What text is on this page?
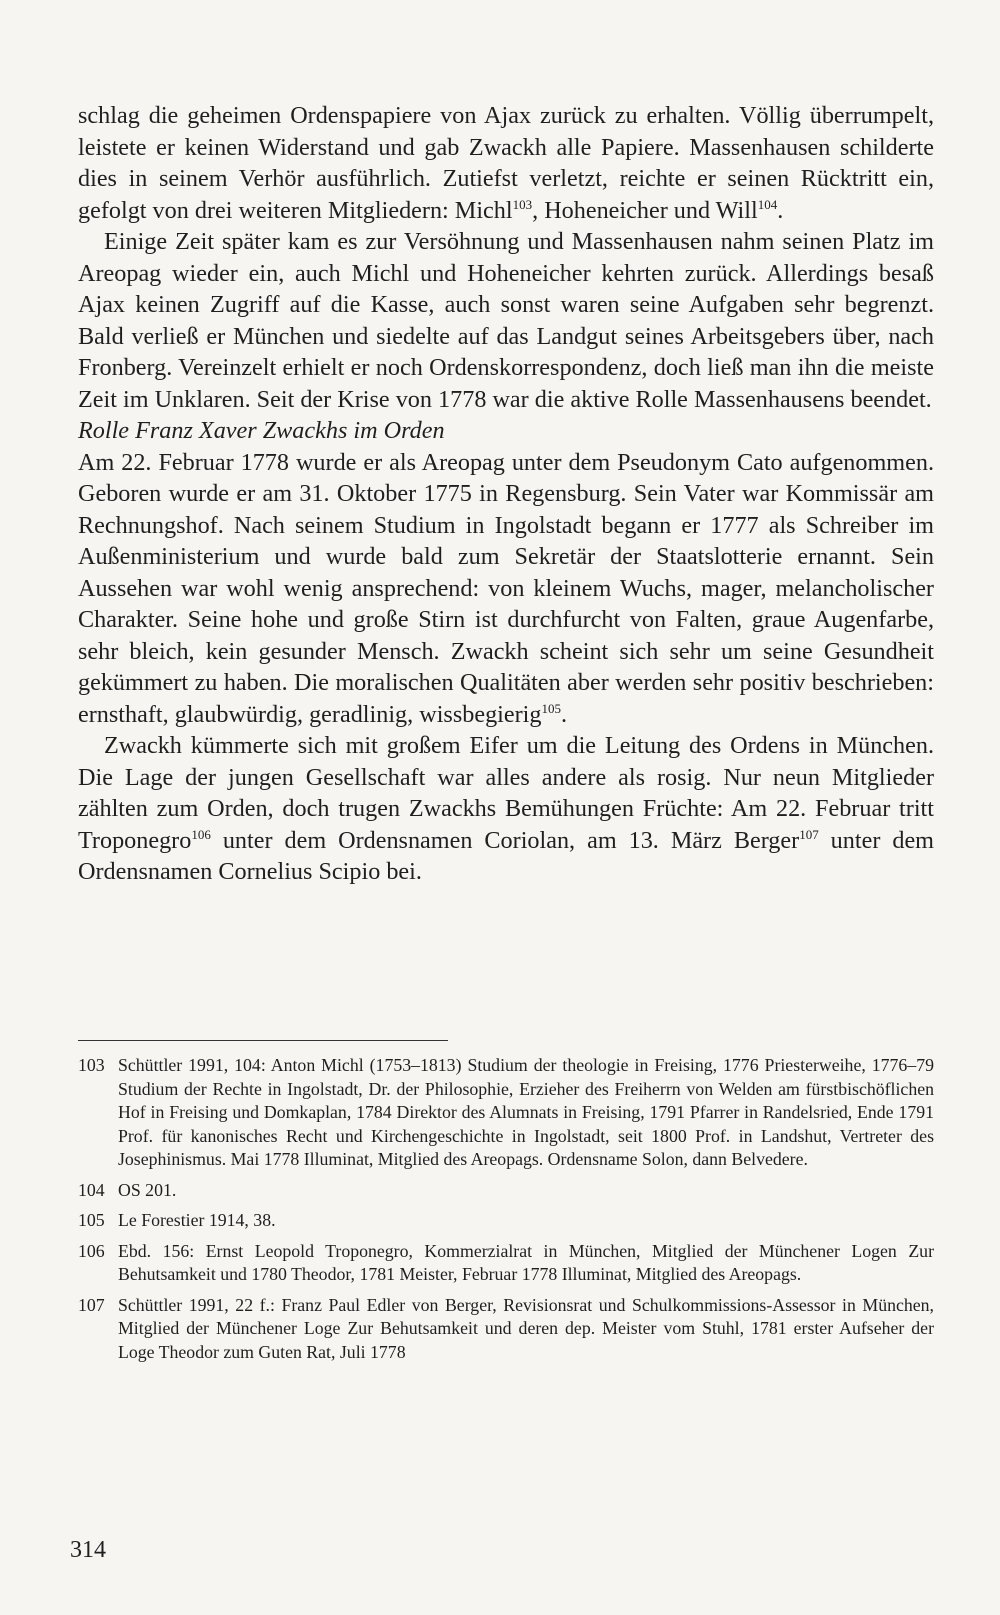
schlag die geheimen Ordenspapiere von Ajax zurück zu erhalten. Völlig überrumpelt, leistete er keinen Widerstand und gab Zwackh alle Papiere. Massenhausen schilderte dies in seinem Verhör ausführlich. Zutiefst verletzt, reichte er seinen Rücktritt ein, gefolgt von drei weiteren Mitgliedern: Michl$^{103}$, Hoheneicher und Will$^{104}$.

Einige Zeit später kam es zur Versöhnung und Massenhausen nahm seinen Platz im Areopag wieder ein, auch Michl und Hoheneicher kehrten zurück. Allerdings besaß Ajax keinen Zugriff auf die Kasse, auch sonst waren seine Aufgaben sehr begrenzt. Bald verließ er München und siedelte auf das Landgut seines Arbeitsgebers über, nach Fronberg. Vereinzelt erhielt er noch Ordenskorrespondenz, doch ließ man ihn die meiste Zeit im Unklaren. Seit der Krise von 1778 war die aktive Rolle Massenhausens beendet.

Rolle Franz Xaver Zwackhs im Orden

Am 22. Februar 1778 wurde er als Areopag unter dem Pseudonym Cato aufgenommen. Geboren wurde er am 31. Oktober 1775 in Regensburg. Sein Vater war Kommissär am Rechnungshof. Nach seinem Studium in Ingolstadt begann er 1777 als Schreiber im Außenministerium und wurde bald zum Sekretär der Staatslotterie ernannt. Sein Aussehen war wohl wenig ansprechend: von kleinem Wuchs, mager, melancholischer Charakter. Seine hohe und große Stirn ist durchfurcht von Falten, graue Augenfarbe, sehr bleich, kein gesunder Mensch. Zwackh scheint sich sehr um seine Gesundheit gekümmert zu haben. Die moralischen Qualitäten aber werden sehr positiv beschrieben: ernsthaft, glaubwürdig, geradlinig, wissbegierig$^{105}$.

Zwackh kümmerte sich mit großem Eifer um die Leitung des Ordens in München. Die Lage der jungen Gesellschaft war alles andere als rosig. Nur neun Mitglieder zählten zum Orden, doch trugen Zwackhs Bemühungen Früchte: Am 22. Februar tritt Troponegro$^{106}$ unter dem Ordensnamen Coriolan, am 13. März Berger$^{107}$ unter dem Ordensnamen Cornelius Scipio bei.

103 Schüttler 1991, 104: Anton Michl (1753–1813) Studium der theologie in Freising, 1776 Priesterweihe, 1776–79 Studium der Rechte in Ingolstadt, Dr. der Philosophie, Erzieher des Freiherrn von Welden am fürstbischöflichen Hof in Freising und Domkaplan, 1784 Direktor des Alumnats in Freising, 1791 Pfarrer in Randelsried, Ende 1791 Prof. für kanonisches Recht und Kirchengeschichte in Ingolstadt, seit 1800 Prof. in Landshut, Vertreter des Josephinismus. Mai 1778 Illuminat, Mitglied des Areopags. Ordensname Solon, dann Belvedere.
104 OS 201.
105 Le Forestier 1914, 38.
106 Ebd. 156: Ernst Leopold Troponegro, Kommerzialrat in München, Mitglied der Münchener Logen Zur Behutsamkeit und 1780 Theodor, 1781 Meister, Februar 1778 Illuminat, Mitglied des Areopags.
107 Schüttler 1991, 22 f.: Franz Paul Edler von Berger, Revisionsrat und Schulkommissions-Assessor in München, Mitglied der Münchener Loge Zur Behutsamkeit und deren dep. Meister vom Stuhl, 1781 erster Aufseher der Loge Theodor zum Guten Rat, Juli 1778
314
